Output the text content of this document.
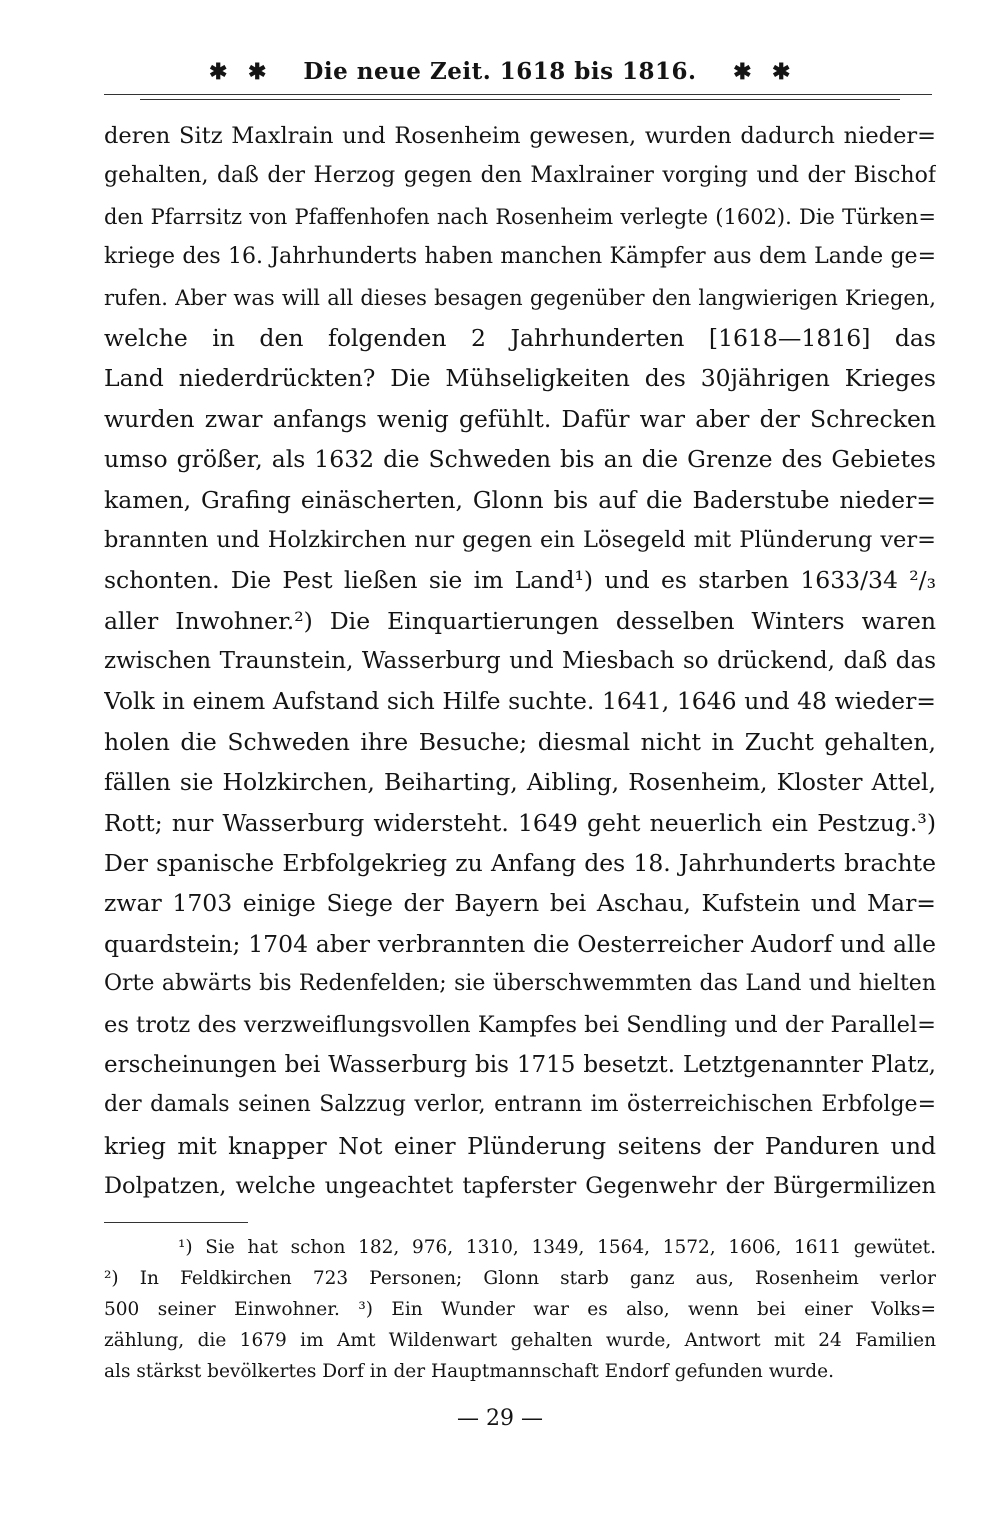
✱ ✱ Die neue Zeit. 1618 bis 1816. ✱ ✱
deren Sitz Maxlrain und Rosenheim gewesen, wurden dadurch nieder=
gehalten, daß der Herzog gegen den Maxlrainer vorging und der Bischof
den Pfarrsitz von Pfaffenhofen nach Rosenheim verlegte (1602). Die Türken=
kriege des 16. Jahrhunderts haben manchen Kämpfer aus dem Lande ge=
rufen. Aber was will all dieses besagen gegenüber den langwierigen Kriegen,
welche in den folgenden 2 Jahrhunderten [1618—1816] das
Land niederdrückten? Die Mühseligkeiten des 30jährigen Krieges
wurden zwar anfangs wenig gefühlt. Dafür war aber der Schrecken
umso größer, als 1632 die Schweden bis an die Grenze des Gebietes
kamen, Grafing einäscherten, Glonn bis auf die Baderstube nieder=
brannten und Holzkirchen nur gegen ein Lösegeld mit Plünderung ver=
schonten. Die Pest ließen sie im Land¹) und es starben 1633/34 ²/₃
aller Inwohner.²) Die Einquartierungen desselben Winters waren
zwischen Traunstein, Wasserburg und Miesbach so drückend, daß das
Volk in einem Aufstand sich Hilfe suchte. 1641, 1646 und 48 wieder=
holen die Schweden ihre Besuche; diesmal nicht in Zucht gehalten,
fällen sie Holzkirchen, Beiharting, Aibling, Rosenheim, Kloster Attel,
Rott; nur Wasserburg widersteht. 1649 geht neuerlich ein Pestzug.³)
Der spanische Erbfolgekrieg zu Anfang des 18. Jahrhunderts brachte
zwar 1703 einige Siege der Bayern bei Aschau, Kufstein und Mar=
quardstein; 1704 aber verbrannten die Oesterreicher Audorf und alle
Orte abwärts bis Redenfelden; sie überschwemmten das Land und hielten
es trotz des verzweiflungsvollen Kampfes bei Sendling und der Parallel=
erscheinungen bei Wasserburg bis 1715 besetzt. Letztgenannter Platz,
der damals seinen Salzzug verlor, entrann im österreichischen Erbfolge=
krieg mit knapper Not einer Plünderung seitens der Panduren und
Dolpatzen, welche ungeachtet tapferster Gegenwehr der Bürgermilizen
¹) Sie hat schon 182, 976, 1310, 1349, 1564, 1572, 1606, 1611 gewütet.
²) In Feldkirchen 723 Personen; Glonn starb ganz aus, Rosenheim verlor
500 seiner Einwohner. ³) Ein Wunder war es also, wenn bei einer Volks=
zählung, die 1679 im Amt Wildenwart gehalten wurde, Antwort mit 24 Familien
als stärkst bevölkertes Dorf in der Hauptmannschaft Endorf gefunden wurde.
— 29 —
